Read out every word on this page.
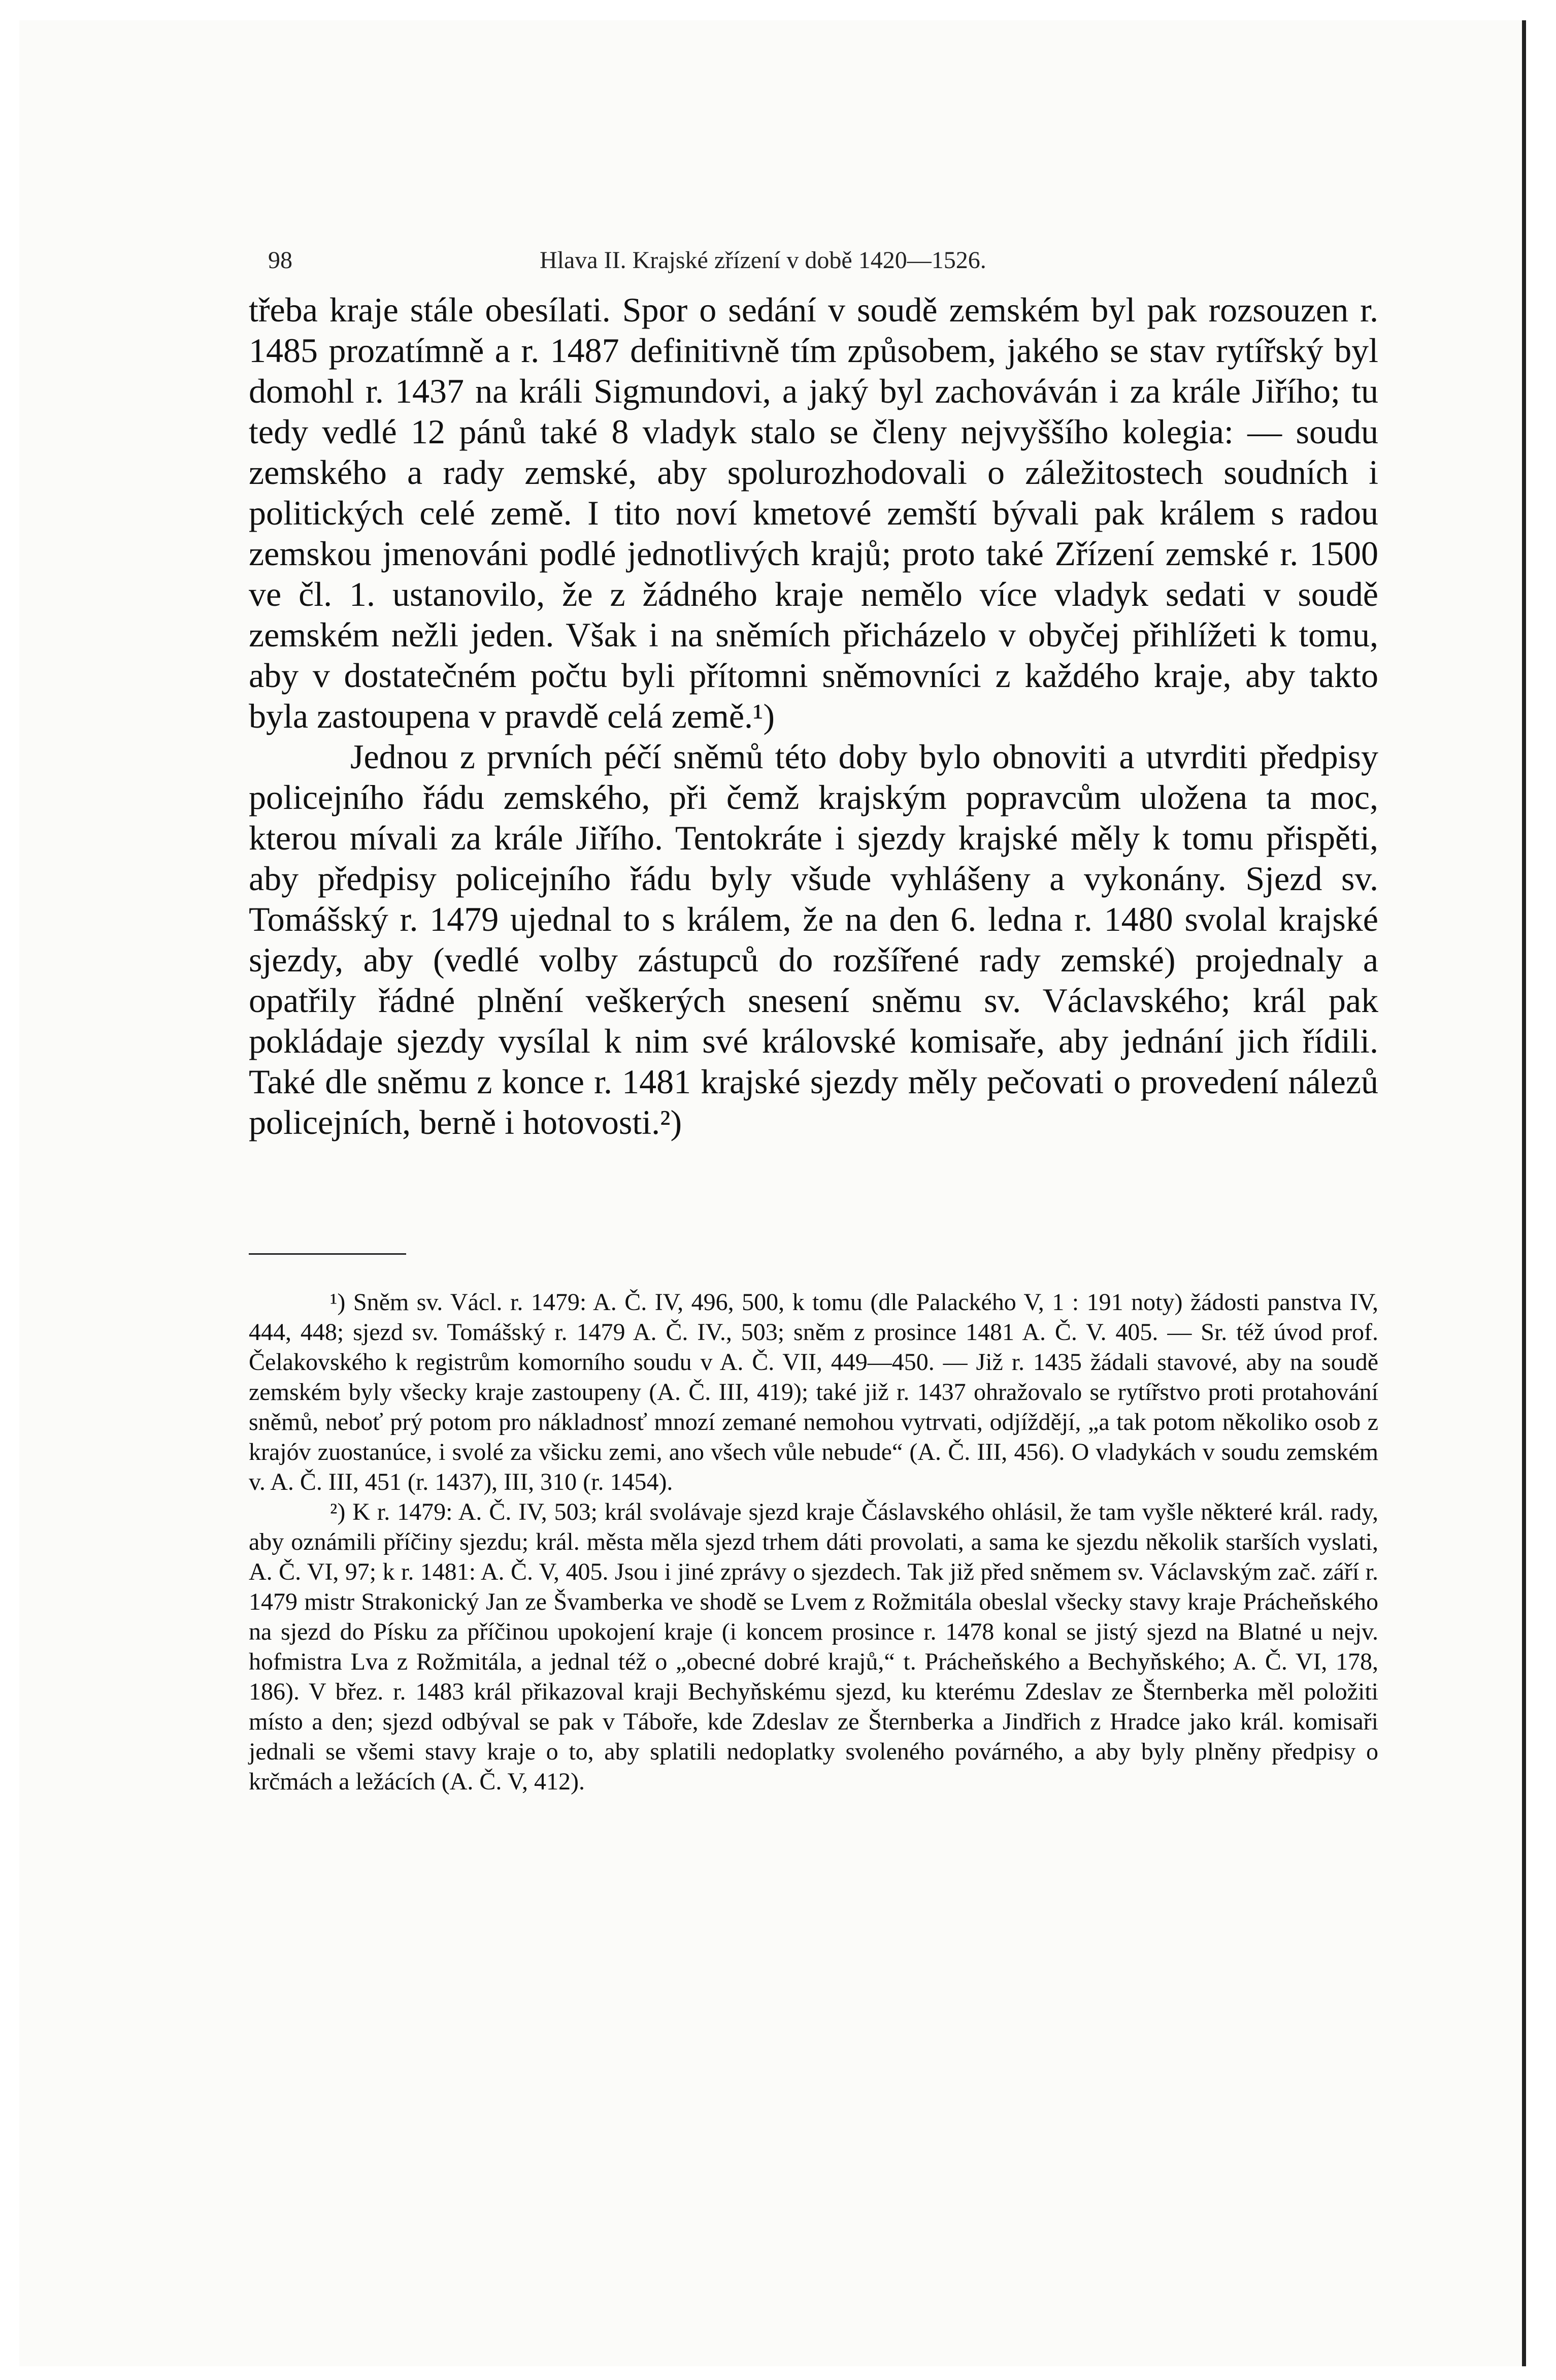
98	Hlava II. Krajské zřízení v době 1420—1526.

třeba kraje stále obesílati. Spor o sedání v soudě zemském byl pak rozsouzen r. 1485 prozatímně a r. 1487 definitivně tím způsobem, jakého se stav rytířský byl domohl r. 1437 na králi Sigmundovi, a jaký byl zachováván i za krále Jiřího; tu tedy vedlé 12 pánů také 8 vladyk stalo se členy nejvyššího kolegia: — soudu zemského a rady zemské, aby spolurozhodovali o záležitostech soudních i politických celé země. I tito noví kmetové zemští bývali pak králem s radou zemskou jmenováni podlé jednotlivých krajů; proto také Zřízení zemské r. 1500 ve čl. 1. ustanovilo, že z žádného kraje nemělo více vladyk sedati v soudě zemském nežli jeden. Však i na sněmích přicházelo v obyčej přihlížeti k tomu, aby v dostatečném počtu byli přítomni sněmovníci z každého kraje, aby takto byla zastoupena v pravdě celá země.¹)

Jednou z prvních péčí sněmů této doby bylo obnoviti a utvrditi předpisy policejního řádu zemského, při čemž krajským popravcům uložena ta moc, kterou mívali za krále Jiřího. Tentokráte i sjezdy krajské měly k tomu přispěti, aby předpisy policejního řádu byly všude vyhlášeny a vykonány. Sjezd sv. Tomášský r. 1479 ujednal to s králem, že na den 6. ledna r. 1480 svolal krajské sjezdy, aby (vedlé volby zástupců do rozšířené rady zemské) projednaly a opatřily řádné plnění veškerých snesení sněmu sv. Václavského; král pak pokládaje sjezdy vysílal k nim své královské komisaře, aby jednání jich řídili. Také dle sněmu z konce r. 1481 krajské sjezdy měly pečovati o provedení nálezů policejních, berně i hotovosti.²)

¹) Sněm sv. Václ. r. 1479: A. Č. IV, 496, 500, k tomu (dle Palackého V, 1 : 191 noty) žádosti panstva IV, 444, 448; sjezd sv. Tomášský r. 1479 A. Č. IV., 503; sněm z prosince 1481 A. Č. V. 405. — Sr. též úvod prof. Čelakovského k registrům komorního soudu v A. Č. VII, 449—450. — Již r. 1435 žádali stavové, aby na soudě zemském byly všecky kraje zastoupeny (A. Č. III, 419); také již r. 1437 ohražovalo se rytířstvo proti protahování sněmů, neboť prý potom pro nákladnosť mnozí zemané nemohou vytrvati, odjíždějí, „a tak potom několiko osob z krajóv zuostanúce, i svolé za všicku zemi, ano všech vůle nebude“ (A. Č. III, 456). O vladykách v soudu zemském v. A. Č. III, 451 (r. 1437), III, 310 (r. 1454).

²) K r. 1479: A. Č. IV, 503; král svolávaje sjezd kraje Čáslavského ohlásil, že tam vyšle některé král. rady, aby oznámili příčiny sjezdu; král. města měla sjezd trhem dáti provolati, a sama ke sjezdu několik starších vyslati, A. Č. VI, 97; k r. 1481: A. Č. V, 405. Jsou i jiné zprávy o sjezdech. Tak již před sněmem sv. Václavským zač. září r. 1479 mistr Strakonický Jan ze Švamberka ve shodě se Lvem z Rožmitála obeslal všecky stavy kraje Prácheňského na sjezd do Písku za příčinou upokojení kraje (i koncem prosince r. 1478 konal se jistý sjezd na Blatné u nejv. hofmistra Lva z Rožmitála, a jednal též o „obecné dobré krajů,“ t. Prácheňského a Bechyňského; A. Č. VI, 178, 186). V břez. r. 1483 král přikazoval kraji Bechyňskému sjezd, ku kterému Zdeslav ze Šternberka měl položiti místo a den; sjezd odbýval se pak v Táboře, kde Zdeslav ze Šternberka a Jindřich z Hradce jako král. komisaři jednali se všemi stavy kraje o to, aby splatili nedoplatky svoleného povárného, a aby byly plněny předpisy o krčmách a ležácích (A. Č. V, 412).
